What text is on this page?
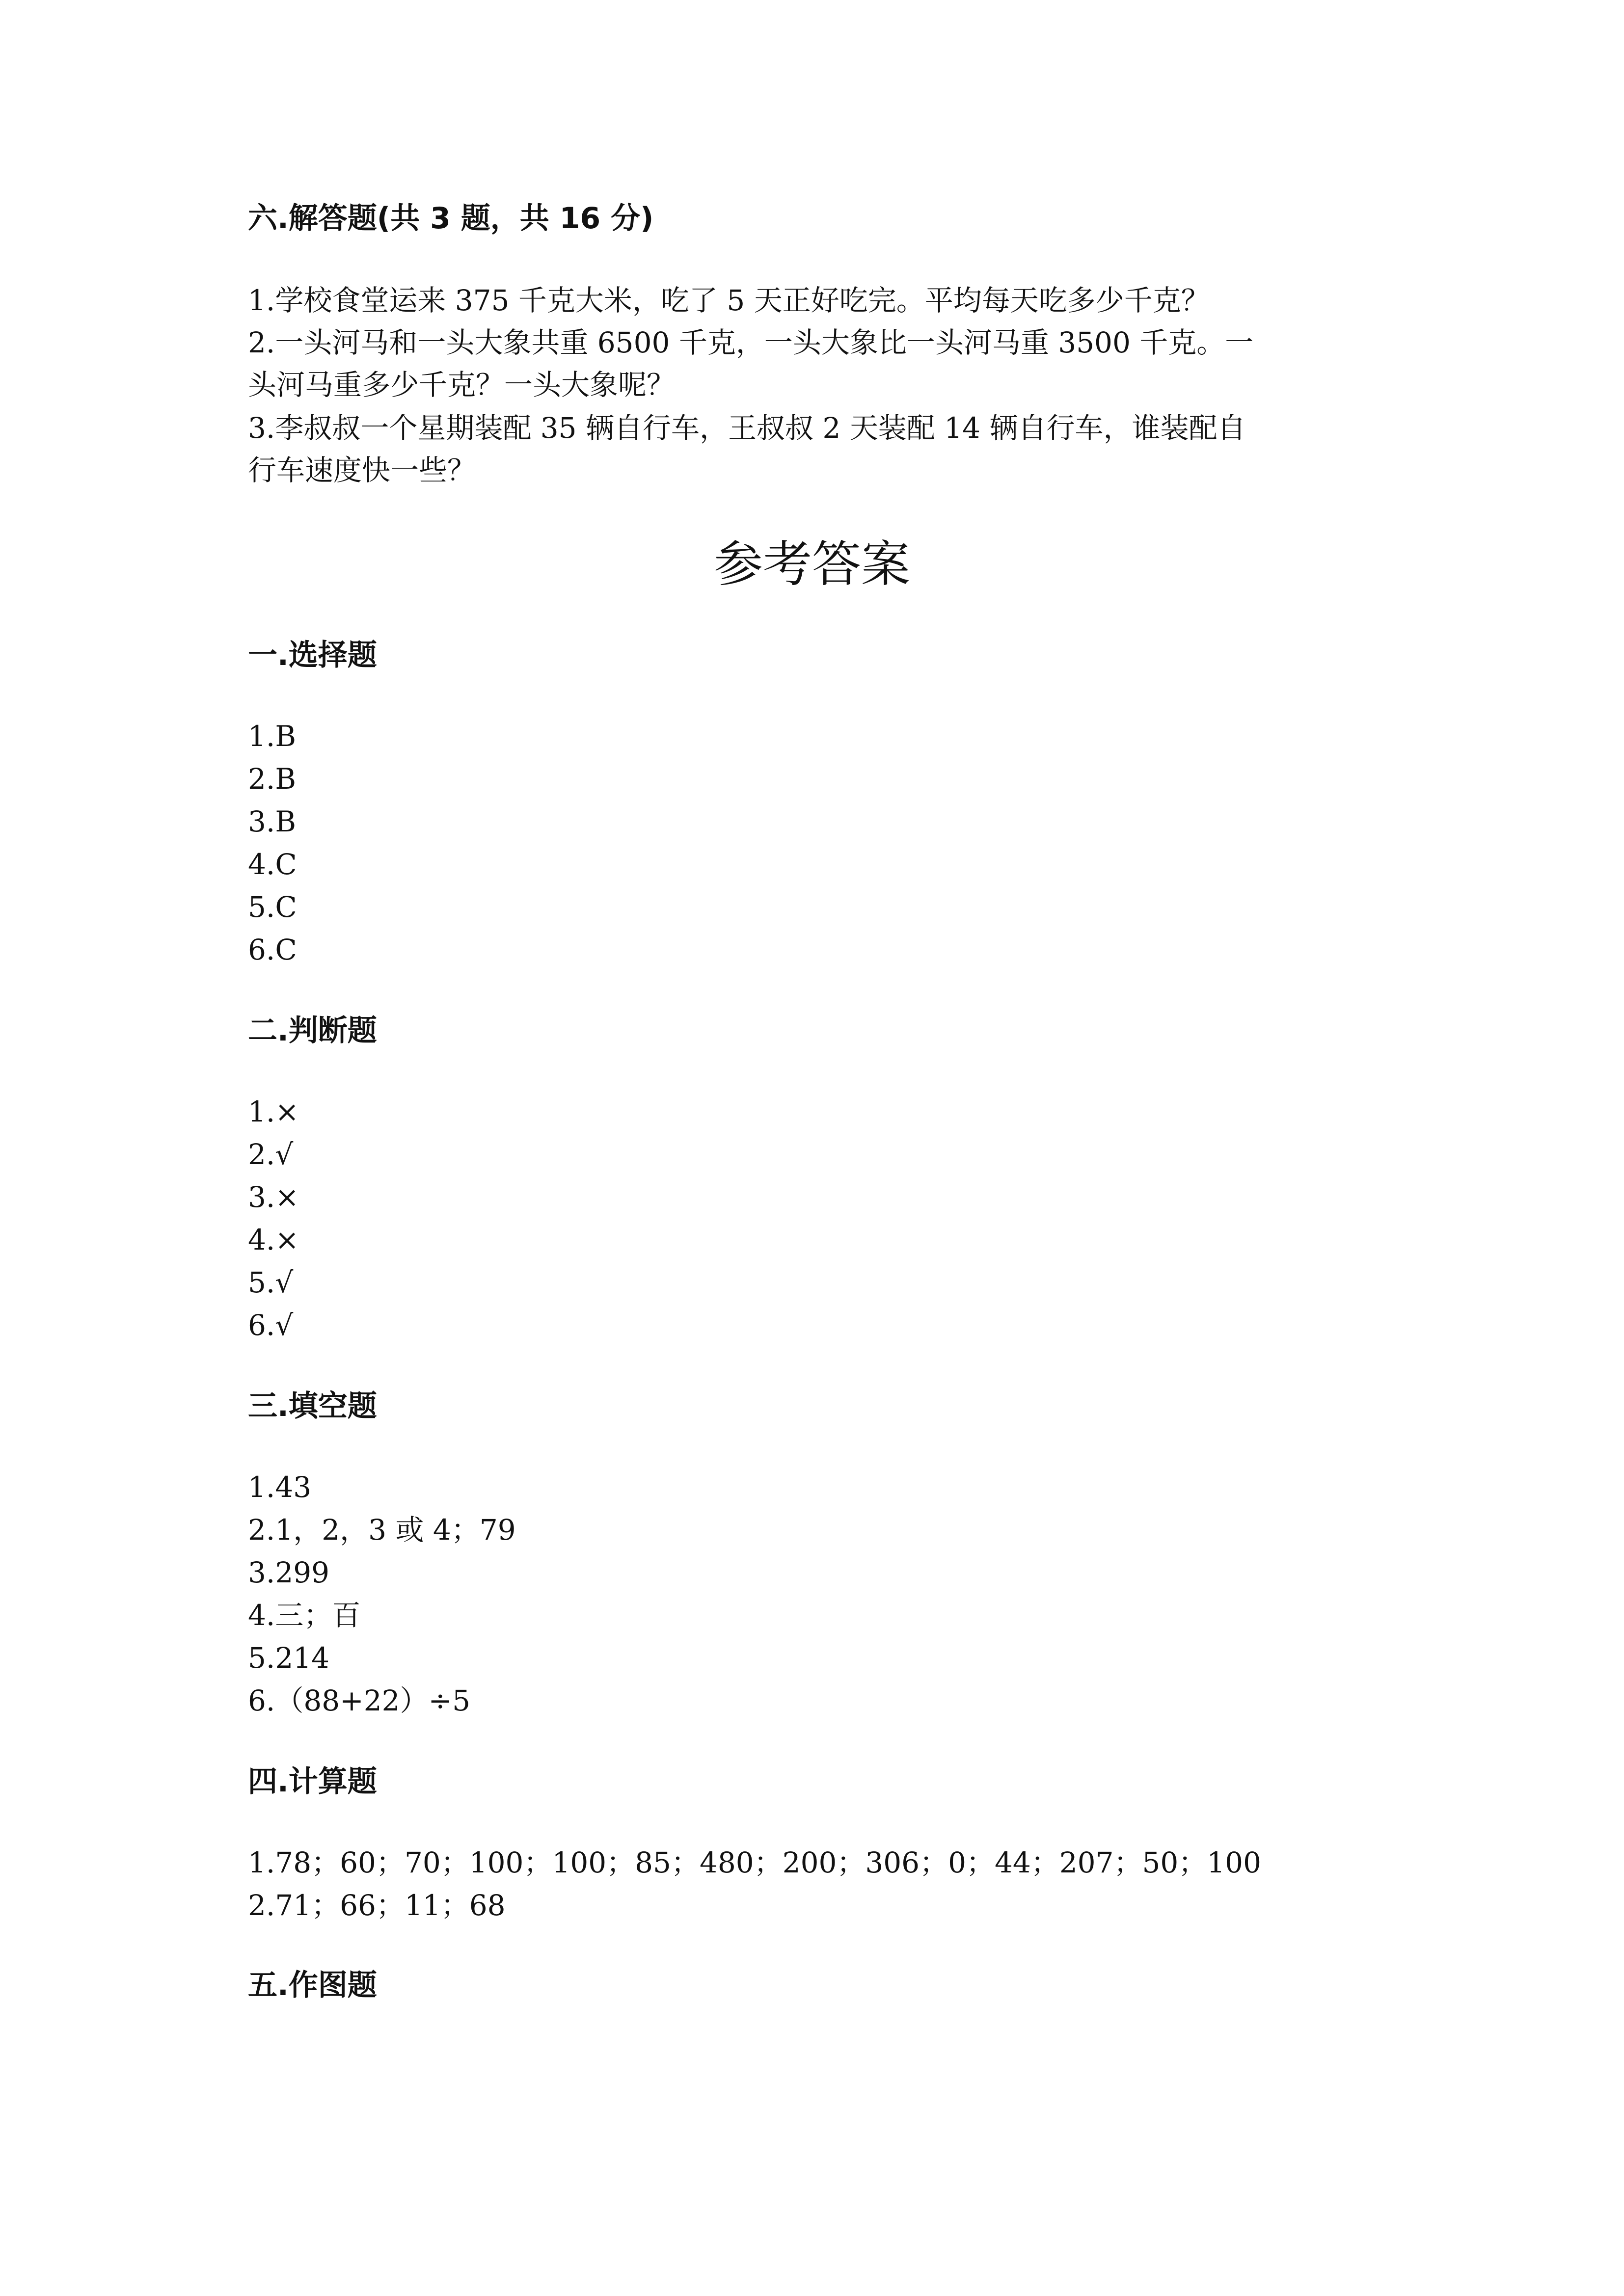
六.解答题(共 3 题，共 16 分)
1.学校食堂运来 375 千克大米，吃了 5 天正好吃完。平均每天吃多少千克？
2.一头河马和一头大象共重 6500 千克，一头大象比一头河马重 3500 千克。一
头河马重多少千克？一头大象呢？
3.李叔叔一个星期装配 35 辆自行车，王叔叔 2 天装配 14 辆自行车，谁装配自
行车速度快一些？
参考答案
一.选择题
1.B
2.B
3.B
4.C
5.C
6.C
二.判断题
1.×
2.√
3.×
4.×
5.√
6.√
三.填空题
1.43
2.1，2，3 或 4；79
3.299
4.三；百
5.214
6.（88+22）÷5
四.计算题
1.78；60；70；100；100；85；480；200；306；0；44；207；50；100
2.71；66；11；68
五.作图题
